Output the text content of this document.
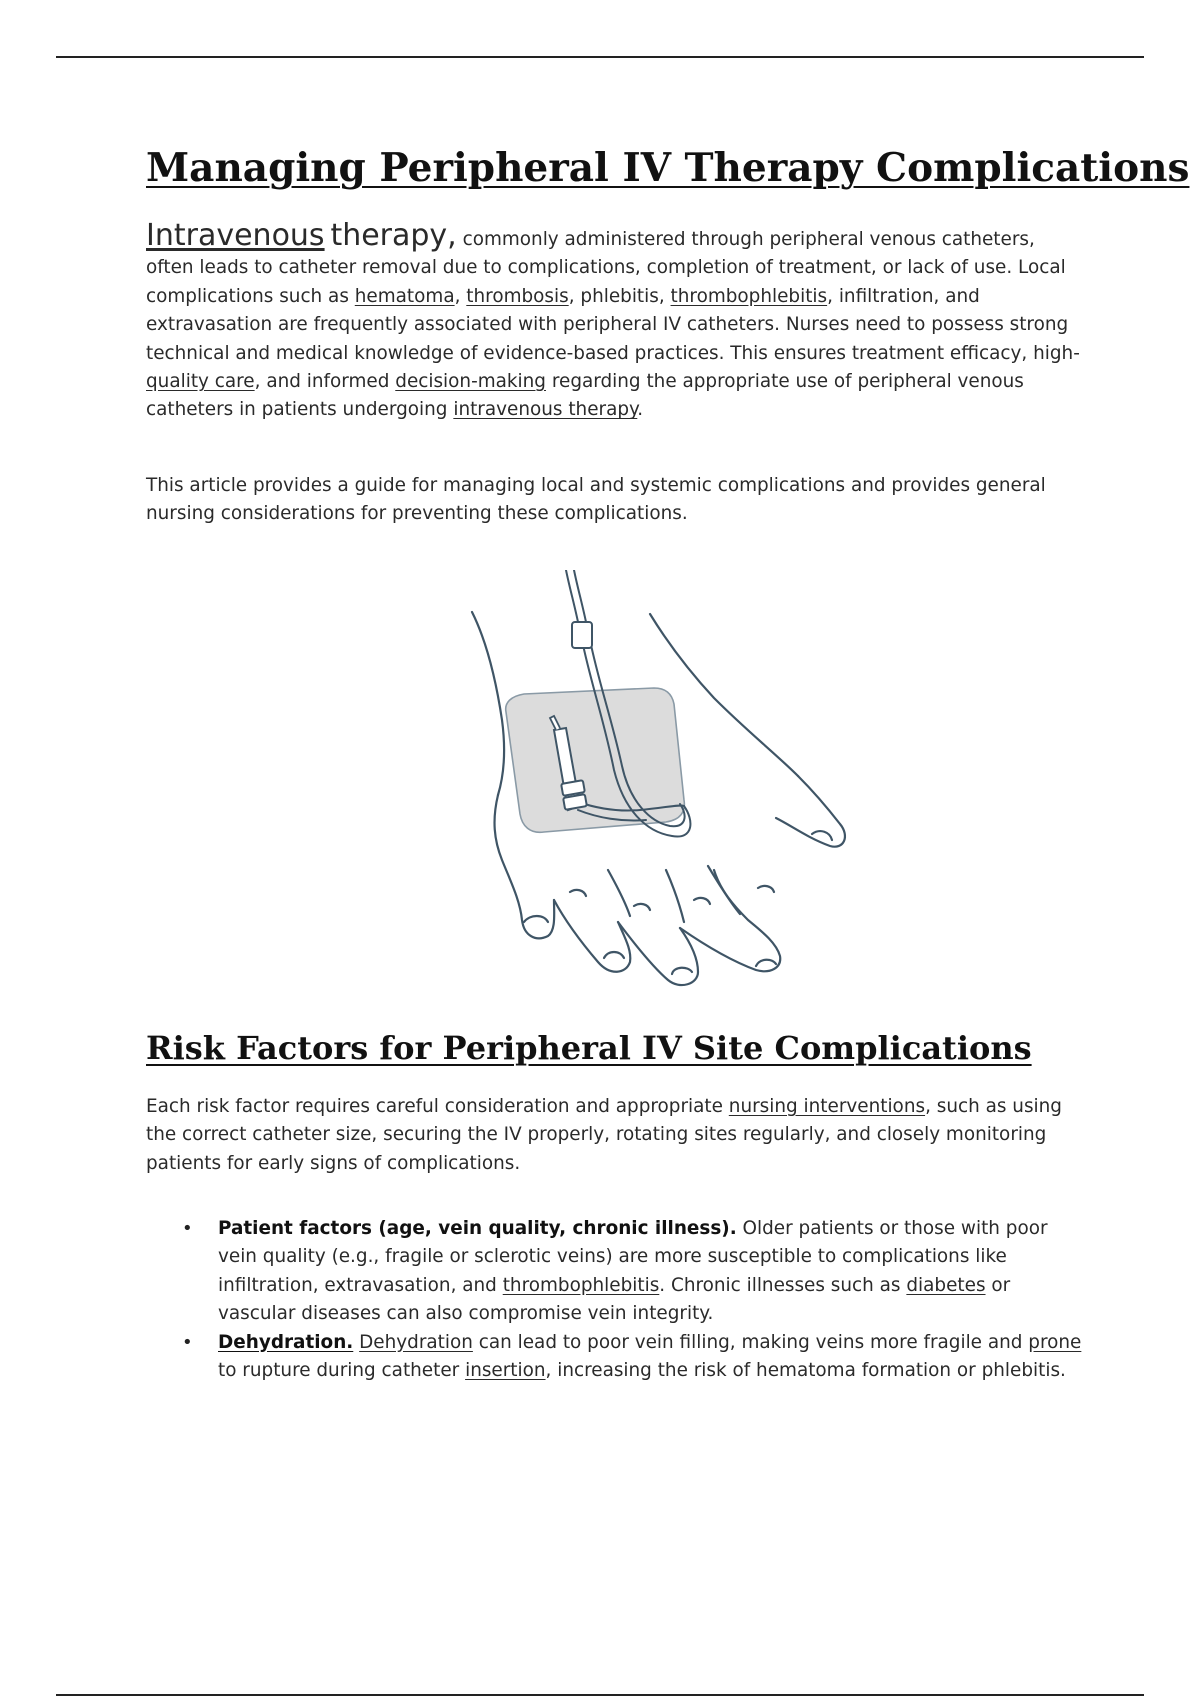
Managing Peripheral IV Therapy Complications

Intravenous therapy, commonly administered through peripheral venous catheters, often leads to catheter removal due to complications, completion of treatment, or lack of use. Local complications such as hematoma, thrombosis, phlebitis, thrombophlebitis, infiltration, and extravasation are frequently associated with peripheral IV catheters. Nurses need to possess strong technical and medical knowledge of evidence-based practices. This ensures treatment efficacy, high-quality care, and informed decision-making regarding the appropriate use of peripheral venous catheters in patients undergoing intravenous therapy.

This article provides a guide for managing local and systemic complications and provides general nursing considerations for preventing these complications.

Risk Factors for Peripheral IV Site Complications

Each risk factor requires careful consideration and appropriate nursing interventions, such as using the correct catheter size, securing the IV properly, rotating sites regularly, and closely monitoring patients for early signs of complications.

• Patient factors (age, vein quality, chronic illness). Older patients or those with poor vein quality (e.g., fragile or sclerotic veins) are more susceptible to complications like infiltration, extravasation, and thrombophlebitis. Chronic illnesses such as diabetes or vascular diseases can also compromise vein integrity.
• Dehydration. Dehydration can lead to poor vein filling, making veins more fragile and prone to rupture during catheter insertion, increasing the risk of hematoma formation or phlebitis.
